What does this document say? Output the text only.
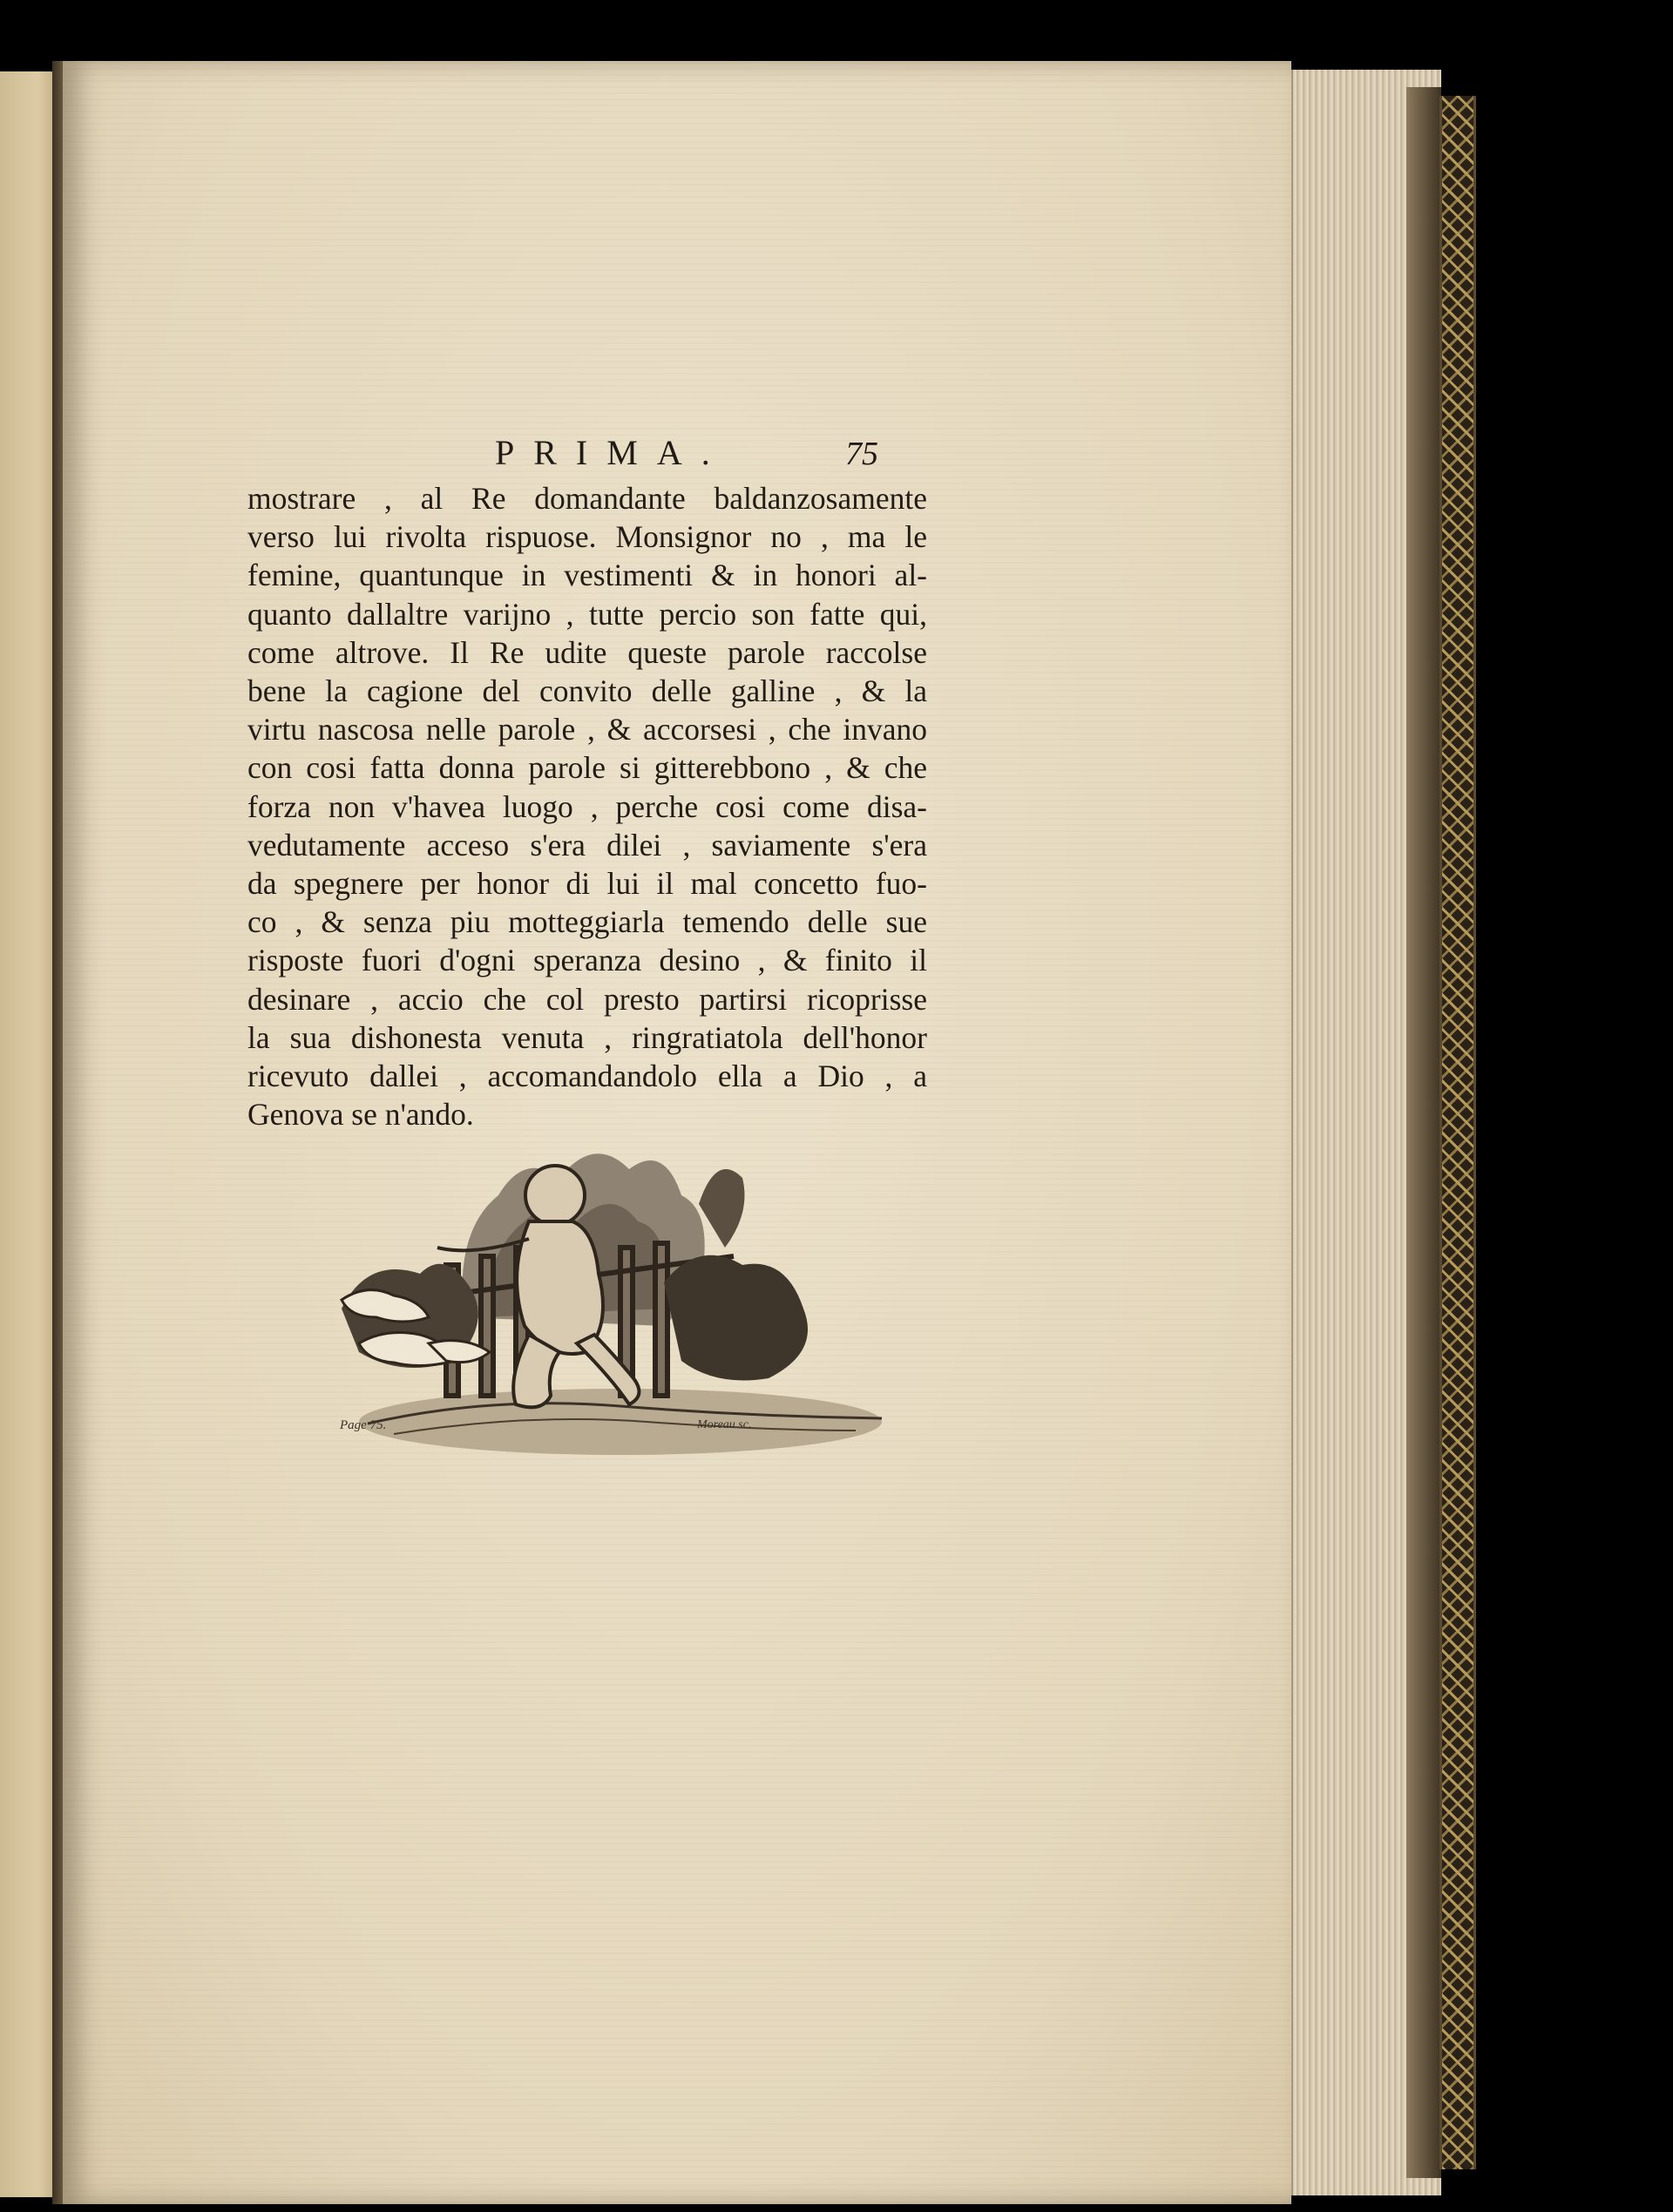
PRIMA.	75
mostrare , al Re domandante baldanzosamente
verso lui rivolta rispuose. Monsignor no , ma le
femine, quantunque in vestimenti & in honori al-
quanto dallaltre varijno , tutte percio son fatte qui,
come altrove. Il Re udite queste parole raccolse
bene la cagione del convito delle galline , & la
virtu nascosa nelle parole , & accorsesi , che invano
con cosi fatta donna parole si gitterebbono , & che
forza non v'havea luogo , perche cosi come disa-
vedutamente acceso s'era dilei , saviamente s'era
da spegnere per honor di lui il mal concetto fuo-
co , & senza piu motteggiarla temendo delle sue
risposte fuori d'ogni speranza desino , & finito il
desinare , accio che col presto partirsi ricoprisse
la sua dishonesta venuta , ringratiatola dell'honor
ricevuto dallei , accomandandolo ella a Dio , a
Genova se n'ando.
Page 75.	Moreau sc.
